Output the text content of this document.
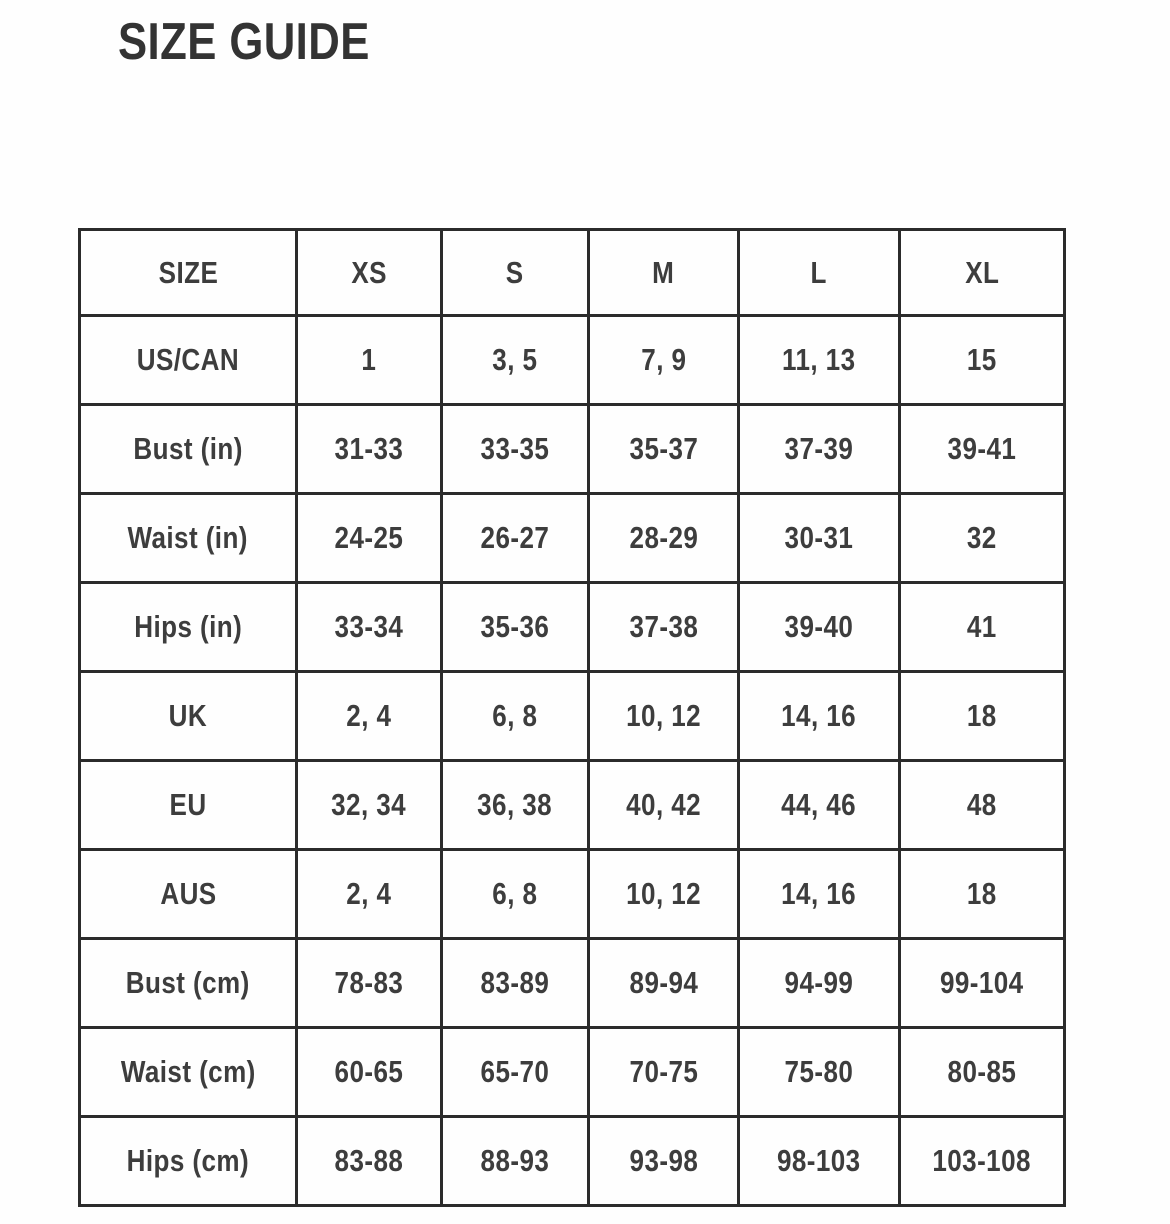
SIZE GUIDE
SIZE	XS	S	M	L	XL
US/CAN	1	3, 5	7, 9	11, 13	15
Bust (in)	31-33	33-35	35-37	37-39	39-41
Waist (in)	24-25	26-27	28-29	30-31	32
Hips (in)	33-34	35-36	37-38	39-40	41
UK	2, 4	6, 8	10, 12	14, 16	18
EU	32, 34	36, 38	40, 42	44, 46	48
AUS	2, 4	6, 8	10, 12	14, 16	18
Bust (cm)	78-83	83-89	89-94	94-99	99-104
Waist (cm)	60-65	65-70	70-75	75-80	80-85
Hips (cm)	83-88	88-93	93-98	98-103	103-108
